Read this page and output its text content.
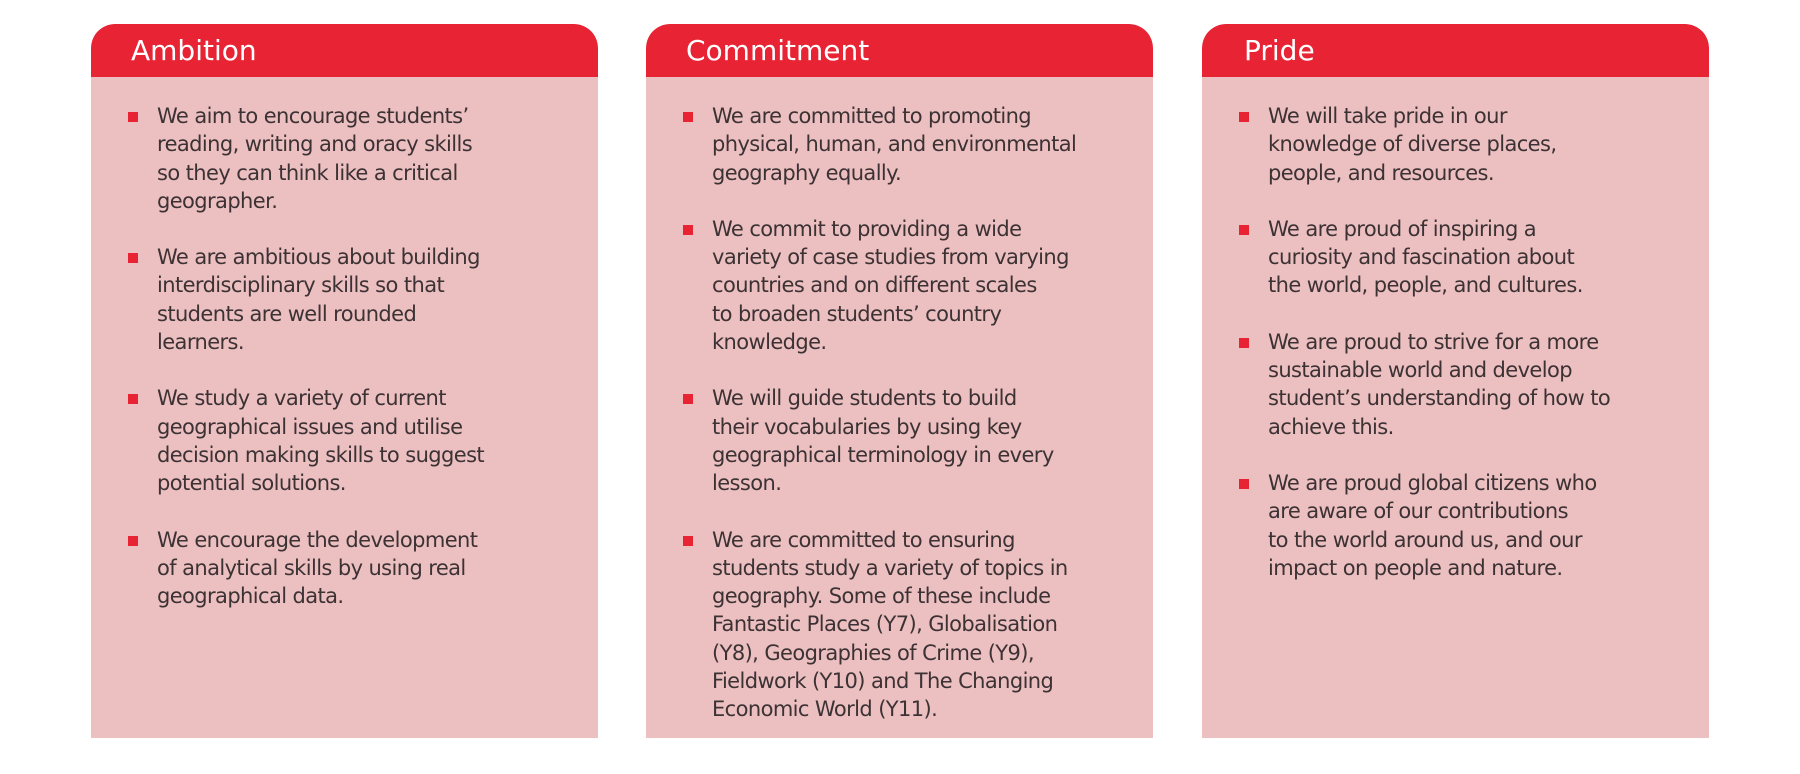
Ambition
We aim to encourage students’
reading, writing and oracy skills
so they can think like a critical
geographer.
We are ambitious about building
interdisciplinary skills so that
students are well rounded
learners.
We study a variety of current
geographical issues and utilise
decision making skills to suggest
potential solutions.
We encourage the development
of analytical skills by using real
geographical data.
Commitment
We are committed to promoting
physical, human, and environmental
geography equally.
We commit to providing a wide
variety of case studies from varying
countries and on different scales
to broaden students’ country
knowledge.
We will guide students to build
their vocabularies by using key
geographical terminology in every
lesson.
We are committed to ensuring
students study a variety of topics in
geography. Some of these include
Fantastic Places (Y7), Globalisation
(Y8), Geographies of Crime (Y9),
Fieldwork (Y10) and The Changing
Economic World (Y11).
Pride
We will take pride in our
knowledge of diverse places,
people, and resources.
We are proud of inspiring a
curiosity and fascination about
the world, people, and cultures.
We are proud to strive for a more
sustainable world and develop
student’s understanding of how to
achieve this.
We are proud global citizens who
are aware of our contributions
to the world around us, and our
impact on people and nature.
